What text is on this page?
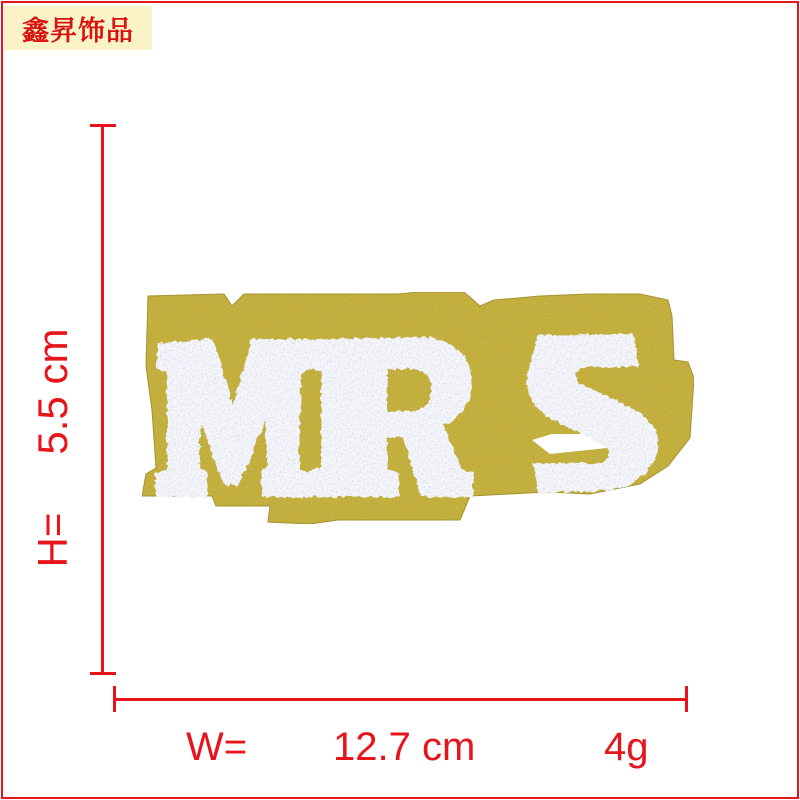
鑫昇饰品
H=
5.5 cm
W= 12.7 cm	4g
